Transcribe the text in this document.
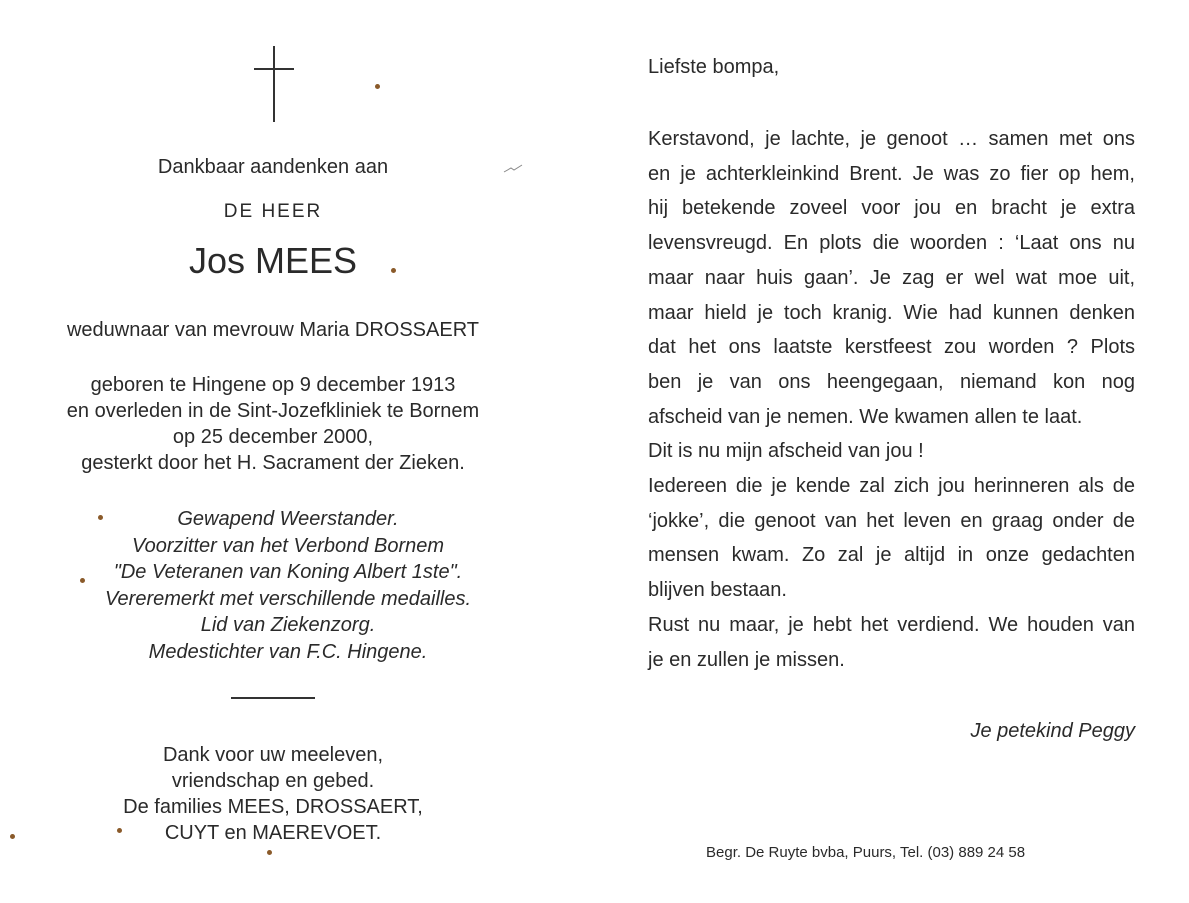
Dankbaar aandenken aan
DE HEER
Jos MEES
weduwnaar van mevrouw Maria DROSSAERT
geboren te Hingene op 9 december 1913
en overleden in de Sint-Jozefkliniek te Bornem
op 25 december 2000,
gesterkt door het H. Sacrament der Zieken.
Gewapend Weerstander.
Voorzitter van het Verbond Bornem
"De Veteranen van Koning Albert 1ste".
Vereremerkt met verschillende medailles.
Lid van Ziekenzorg.
Medestichter van F.C. Hingene.
Dank voor uw meeleven,
vriendschap en gebed.
De families MEES, DROSSAERT,
CUYT en MAEREVOET.
Liefste bompa,
Kerstavond, je lachte, je genoot … samen met ons
en je achterkleinkind Brent. Je was zo fier op hem,
hij betekende zoveel voor jou en bracht je extra
levensvreugd. En plots die woorden : ‘Laat ons nu
maar naar huis gaan’. Je zag er wel wat moe uit,
maar hield je toch kranig. Wie had kunnen denken
dat het ons laatste kerstfeest zou worden ? Plots
ben je van ons heengegaan, niemand kon nog
afscheid van je nemen. We kwamen allen te laat.
Dit is nu mijn afscheid van jou !
Iedereen die je kende zal zich jou herinneren als de
‘jokke’, die genoot van het leven en graag onder de
mensen kwam. Zo zal je altijd in onze gedachten
blijven bestaan.
Rust nu maar, je hebt het verdiend. We houden van
je en zullen je missen.
Je petekind Peggy
Begr. De Ruyte bvba, Puurs, Tel. (03) 889 24 58
